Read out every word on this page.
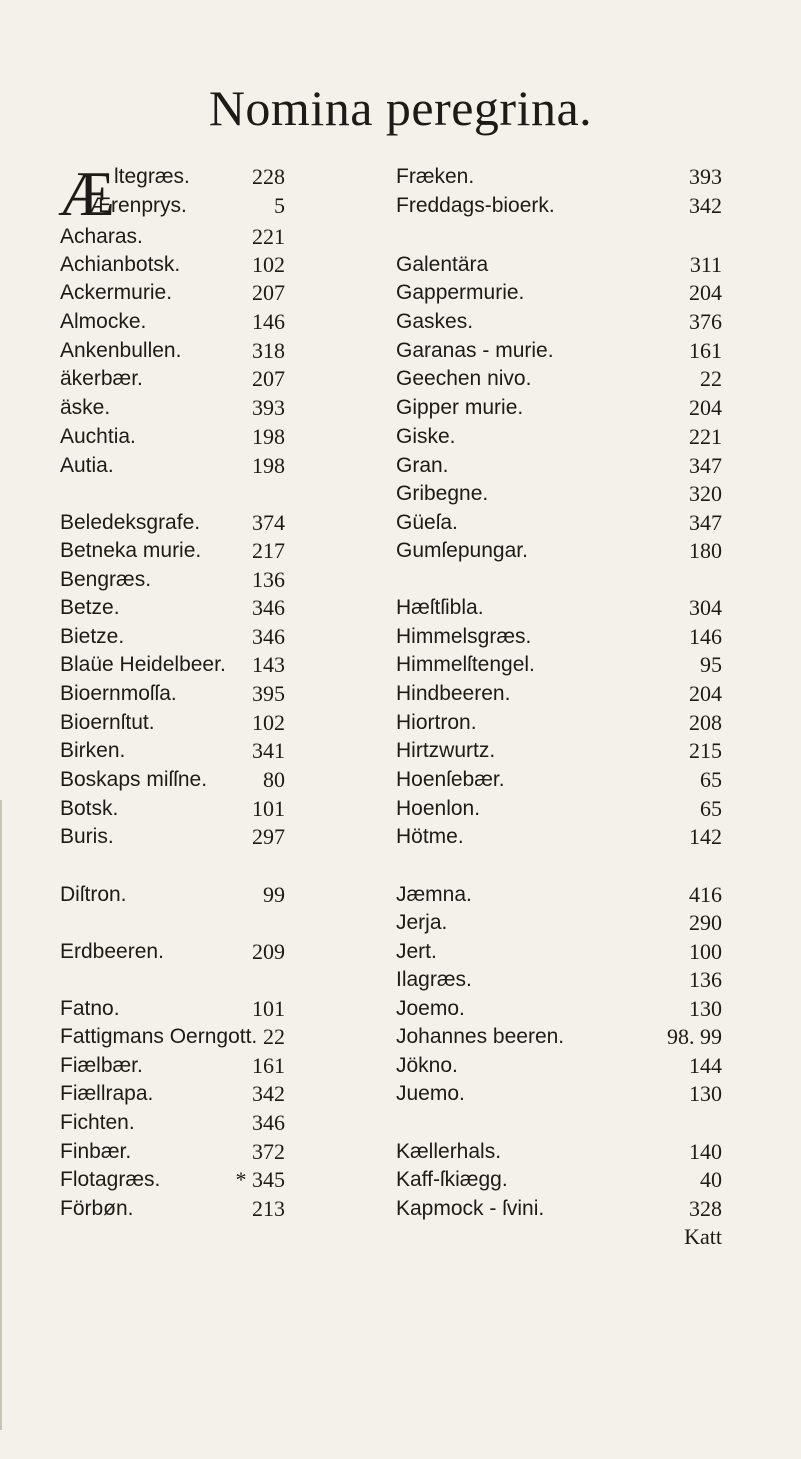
Nomina peregrina.
Æ ltegræs.	228
Ærenprys.	5
Acharas.	221
Achianbotsk.	102
Ackermurie.	207
Almocke.	146
Ankenbullen.	318
äkerbær.	207
äske.	393
Auchtia.	198
Autia.	198
Beledeksgrafe.	374
Betneka murie.	217
Bengræs.	136
Betze.	346
Bietze.	346
Blaüe Heidelbeer.	143
Bioernmoſſa.	395
Bioernſtut.	102
Birken.	341
Boskaps miſſne.	80
Botsk.	101
Buris.	297
Diſtron.	99
Erdbeeren.	209
Fatno.	101
Fattigmans Oerngott. 22
Fiælbær.	161
Fiællrapa.	342
Fichten.	346
Finbær.	372
Flotagræs.	* 345
Förbøn.	213
Fræken.	393
Freddags-bioerk.	342
Galentära	311
Gappermurie.	204
Gaskes.	376
Garanas - murie.	161
Geechen nivo.	22
Gipper murie.	204
Giske.	221
Gran.	347
Gribegne.	320
Güeſa.	347
Gumſepungar.	180
Hæſtſibla.	304
Himmelsgræs.	146
Himmelſtengel.	95
Hindbeeren.	204
Hiortron.	208
Hirtzwurtz.	215
Hoenſebær.	65
Hoenlon.	65
Hötme.	142
Jæmna.	416
Jerja.	290
Jert.	100
Ilagræs.	136
Joemo.	130
Johannes beeren.	98. 99
Jökno.	144
Juemo.	130
Kællerhals.	140
Kaff-ſkiægg.	40
Kapmock - ſvini.	328
Katt
